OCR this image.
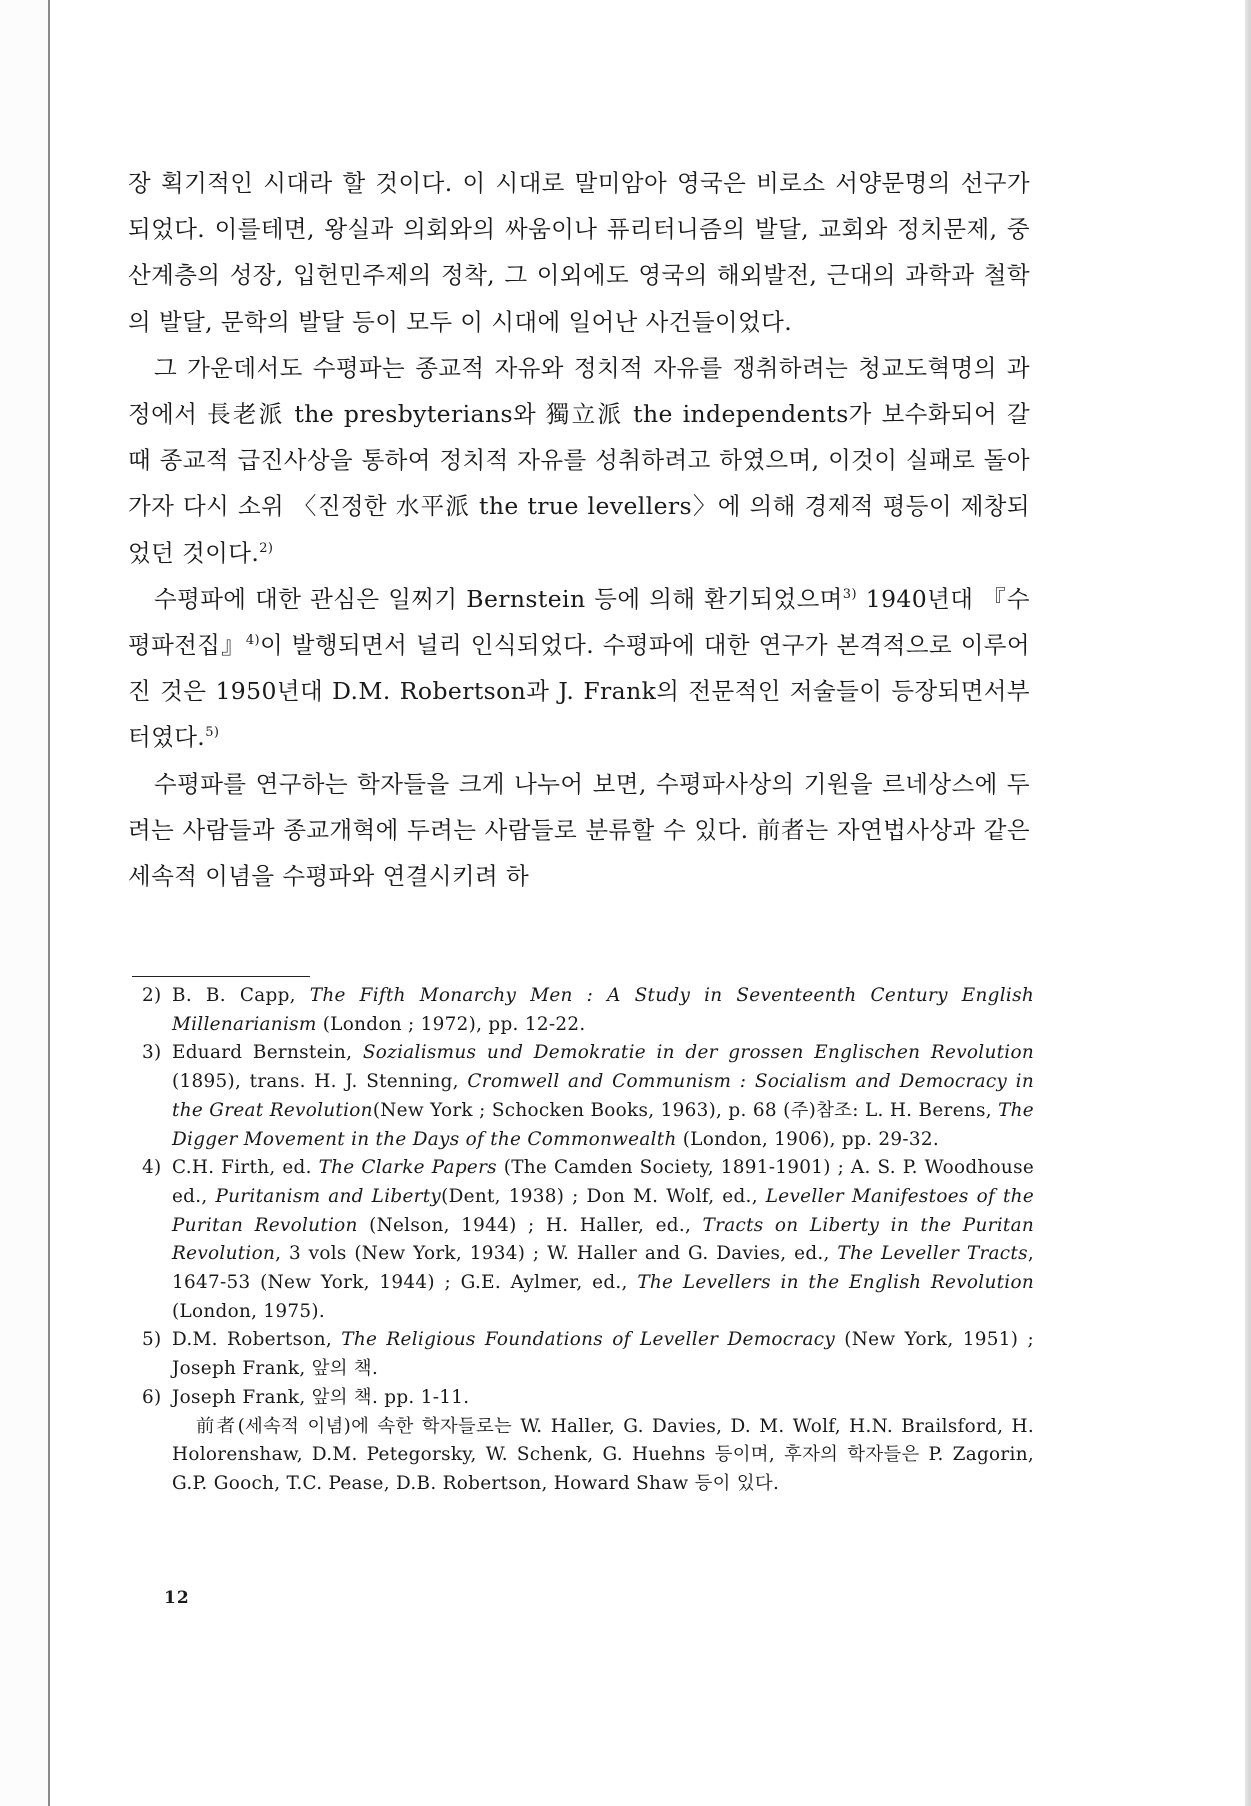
장 획기적인 시대라 할 것이다. 이 시대로 말미암아 영국은 비로소 서양문명의 선구가 되었다. 이를테면, 왕실과 의회와의 싸움이나 퓨리터니즘의 발달, 교회와 정치문제, 중산계층의 성장, 입헌민주제의 정착, 그 이외에도 영국의 해외발전, 근대의 과학과 철학의 발달, 문학의 발달 등이 모두 이 시대에 일어난 사건들이었다.

그 가운데서도 수평파는 종교적 자유와 정치적 자유를 쟁취하려는 청교도혁명의 과정에서 長老派 the presbyterians와 獨立派 the independents가 보수화되어 갈 때 종교적 급진사상을 통하여 정치적 자유를 성취하려고 하였으며, 이것이 실패로 돌아가자 다시 소위 〈진정한 水平派 the true levellers〉에 의해 경제적 평등이 제창되었던 것이다.$^{2)}$

수평파에 대한 관심은 일찌기 Bernstein 등에 의해 환기되었으며$^{3)}$ 1940년대 『수평파전집』$^{4)}$이 발행되면서 널리 인식되었다. 수평파에 대한 연구가 본격적으로 이루어진 것은 1950년대 D.M. Robertson과 J. Frank의 전문적인 저술들이 등장되면서부터였다.$^{5)}$

수평파를 연구하는 학자들을 크게 나누어 보면, 수평파사상의 기원을 르네상스에 두려는 사람들과 종교개혁에 두려는 사람들로 분류할 수 있다. 前者는 자연법사상과 같은 세속적 이념을 수평파와 연결시키려 하

2) B. B. Capp, The Fifth Monarchy Men : A Study in Seventeenth Century English Millenarianism (London ; 1972), pp. 12-22.
3) Eduard Bernstein, Sozialismus und Demokratie in der grossen Englischen Revolution (1895), trans. H. J. Stenning, Cromwell and Communism : Socialism and Democracy in the Great Revolution(New York ; Schocken Books, 1963), p. 68 (주)참조: L. H. Berens, The Digger Movement in the Days of the Commonwealth (London, 1906), pp. 29-32.
4) C.H. Firth, ed. The Clarke Papers (The Camden Society, 1891-1901) ; A. S. P. Woodhouse ed., Puritanism and Liberty(Dent, 1938) ; Don M. Wolf, ed., Leveller Manifestoes of the Puritan Revolution (Nelson, 1944) ; H. Haller, ed., Tracts on Liberty in the Puritan Revolution, 3 vols (New York, 1934) ; W. Haller and G. Davies, ed., The Leveller Tracts, 1647-53 (New York, 1944) ; G.E. Aylmer, ed., The Levellers in the English Revolution (London, 1975).
5) D.M. Robertson, The Religious Foundations of Leveller Democracy (New York, 1951) ; Joseph Frank, 앞의 책.
6) Joseph Frank, 앞의 책. pp. 1-11.
前者(세속적 이념)에 속한 학자들로는 W. Haller, G. Davies, D. M. Wolf, H.N. Brailsford, H. Holorenshaw, D.M. Petegorsky, W. Schenk, G. Huehns 등이며, 후자의 학자들은 P. Zagorin, G.P. Gooch, T.C. Pease, D.B. Robertson, Howard Shaw 등이 있다.
12
